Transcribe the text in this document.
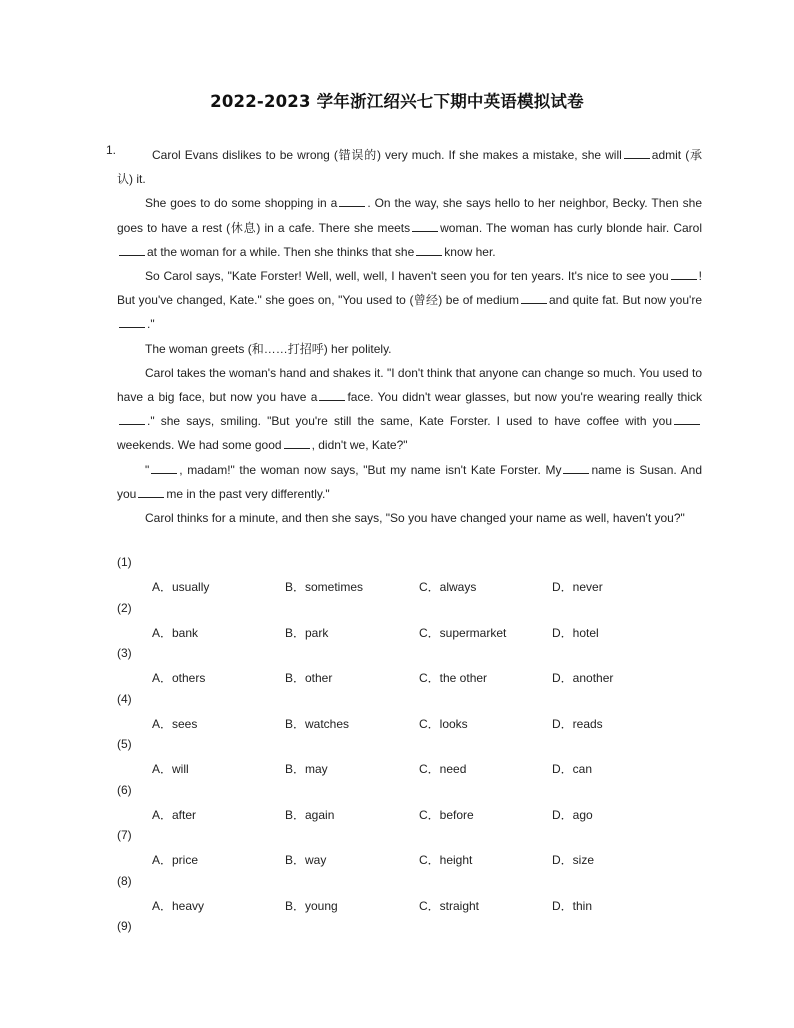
2022-2023 学年浙江绍兴七下期中英语模拟试卷
1.	Carol Evans dislikes to be wrong (错误的) very much. If she makes a mistake, she will	admit (承认) it.

She goes to do some shopping in a	. On the way, she says hello to her neighbor, Becky. Then she goes to have a rest (休息) in a cafe. There she meets	woman. The woman has curly blonde hair. Carolat the woman for a while. Then she thinks that she	know her.

So Carol says, "Kate Forster! Well, well, well, I haven't seen you for ten years. It's nice to see you	! But you've changed, Kate." she goes on, "You used to (曾经) be of medium	and quite fat. But now you're."

The woman greets (和……打招呼) her politely.

Carol takes the woman's hand and shakes it. "I don't think that anyone can change so much. You used to have a big face, but now you have a	face. You didn't wear glasses, but now you're wearing really thick." she says, smiling. "But you're still the same, Kate Forster. I used to have coffee with youweekends. We had some good	, didn't we, Kate?"

"	, madam!" the woman now says, "But my name isn't Kate Forster. My	name is Susan. And you	me in the past very differently."

Carol thinks for a minute, and then she says, "So you have changed your name as well, haven't you?"

(1)
A．usually	B．sometimes	C．always	D．never
(2)
A．bank	B．park	C．supermarket	D．hotel
(3)
A．others	B．other	C．the other	D．another
(4)
A．sees	B．watches	C．looks	D．reads
(5)
A．will	B．may	C．need	D．can
(6)
A．after	B．again	C．before	D．ago
(7)
A．price	B．way	C．height	D．size
(8)
A．heavy	B．young	C．straight	D．thin
(9)
